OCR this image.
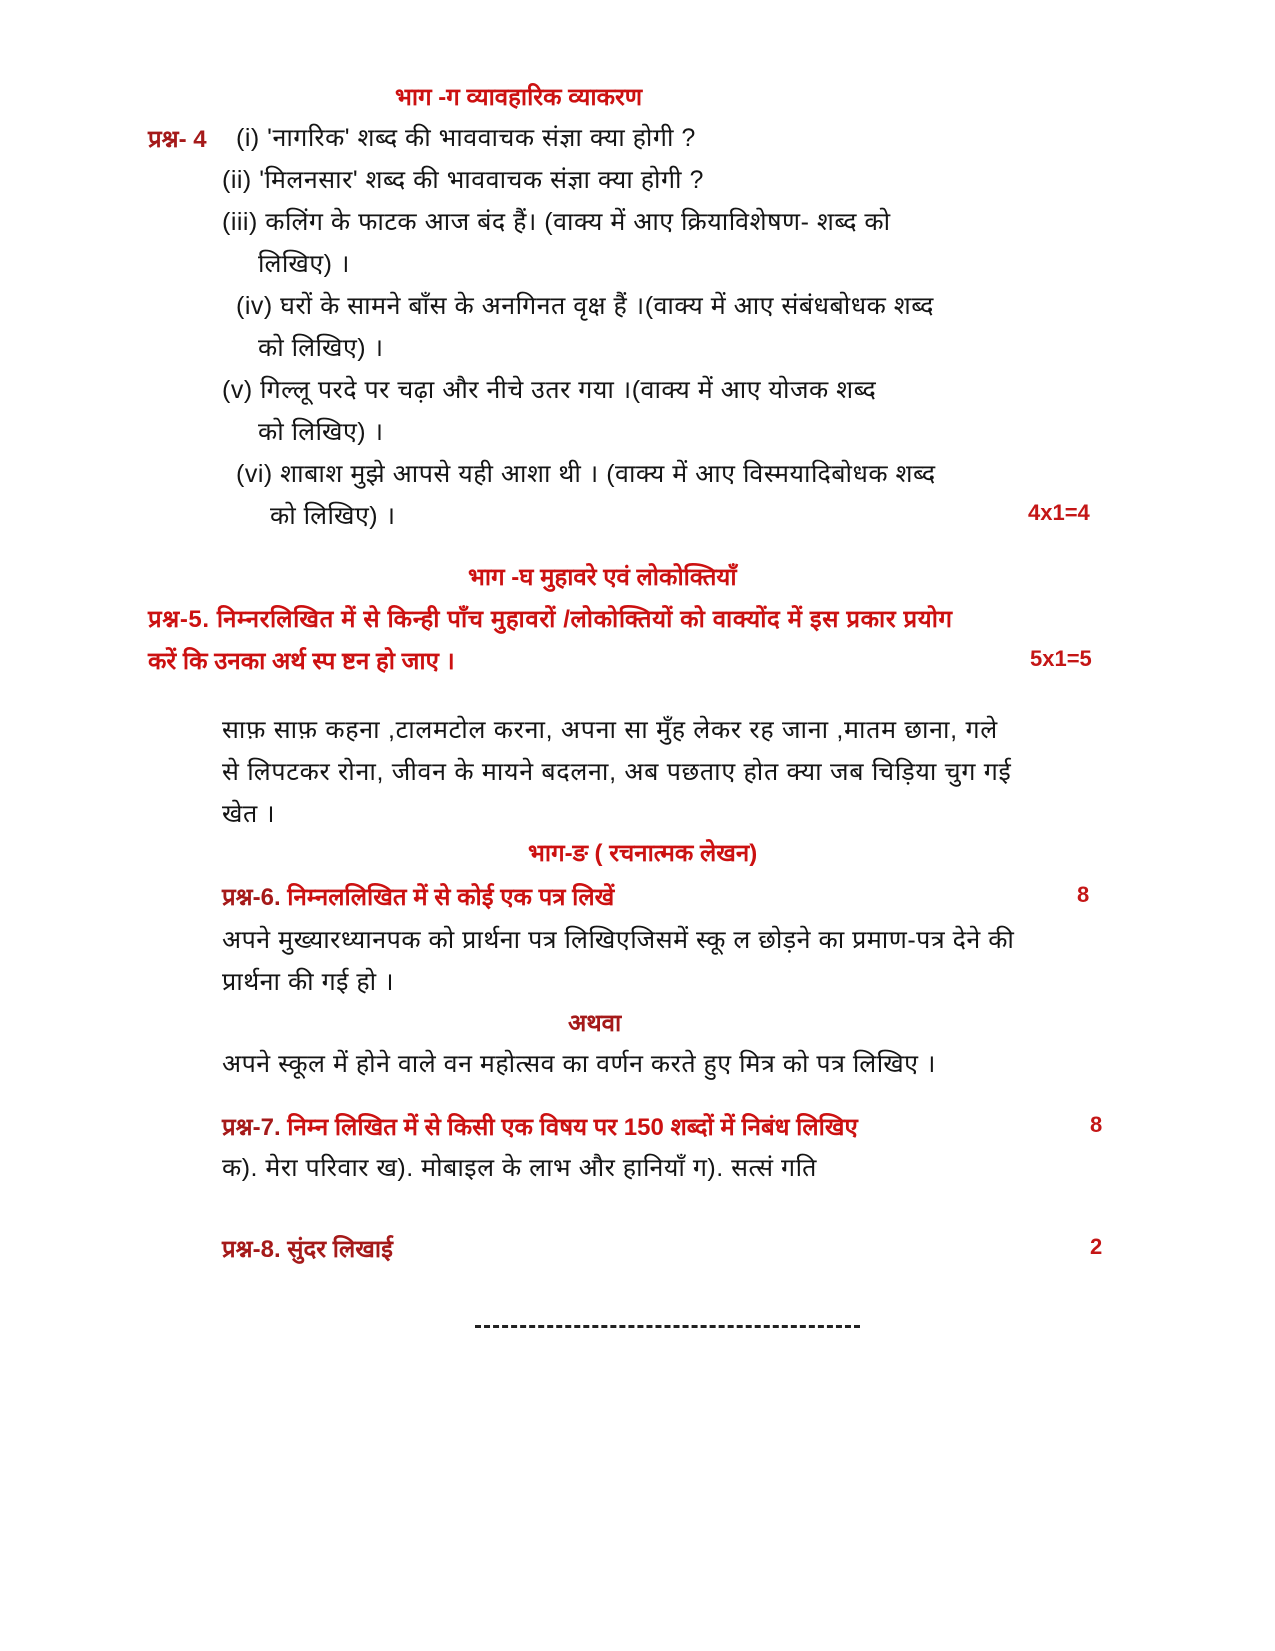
भाग -ग व्यावहारिक व्याकरण
प्रश्न- 4 (i) 'नागरिक' शब्द की भाववाचक संज्ञा क्या होगी ?
(ii) 'मिलनसार' शब्द की भाववाचक संज्ञा क्या होगी ?
(iii) कलिंग के फाटक आज बंद हैं। (वाक्य में आए क्रियाविशेषण- शब्द को
लिखिए) ।
(iv) घरों के सामने बाँस के अनगिनत वृक्ष हैं ।(वाक्य में आए संबंधबोधक शब्द
को लिखिए) ।
(v) गिल्लू परदे पर चढ़ा और नीचे उतर गया ।(वाक्य में आए योजक शब्द
को लिखिए) ।
(vi) शाबाश मुझे आपसे यही आशा थी । (वाक्य में आए विस्मयादिबोधक शब्द
को लिखिए) ।	4x1=4
भाग -घ मुहावरे एवं लोकोक्तियाँ
प्रश्न-5. निम्नरलिखित में से किन्ही पाँच मुहावरों /लोकोक्तियों को वाक्योंद में इस प्रकार प्रयोग
करें कि उनका अर्थ स्प ष्टन हो जाए ।	5x1=5
साफ़ साफ़ कहना ,टालमटोल करना, अपना सा मुँह लेकर रह जाना ,मातम छाना, गले
से लिपटकर रोना, जीवन के मायने बदलना, अब पछताए होत क्या जब चिड़िया चुग गई
खेत ।
भाग-ङ ( रचनात्मक लेखन)
प्रश्न-6. निम्नललिखित में से कोई एक पत्र लिखें	8
अपने मुख्यारध्यानपक को प्रार्थना पत्र लिखिएजिसमें स्कू ल छोड़ने का प्रमाण-पत्र देने की
प्रार्थना की गई हो ।
अथवा
अपने स्कूल में होने वाले वन महोत्सव का वर्णन करते हुए मित्र को पत्र लिखिए ।
प्रश्न-7. निम्न लिखित में से किसी एक विषय पर 150 शब्दों में निबंध लिखिए	8
क). मेरा परिवार ख). मोबाइल के लाभ और हानियाँ ग). सत्सं गति
प्रश्न-8. सुंदर लिखाई	2
